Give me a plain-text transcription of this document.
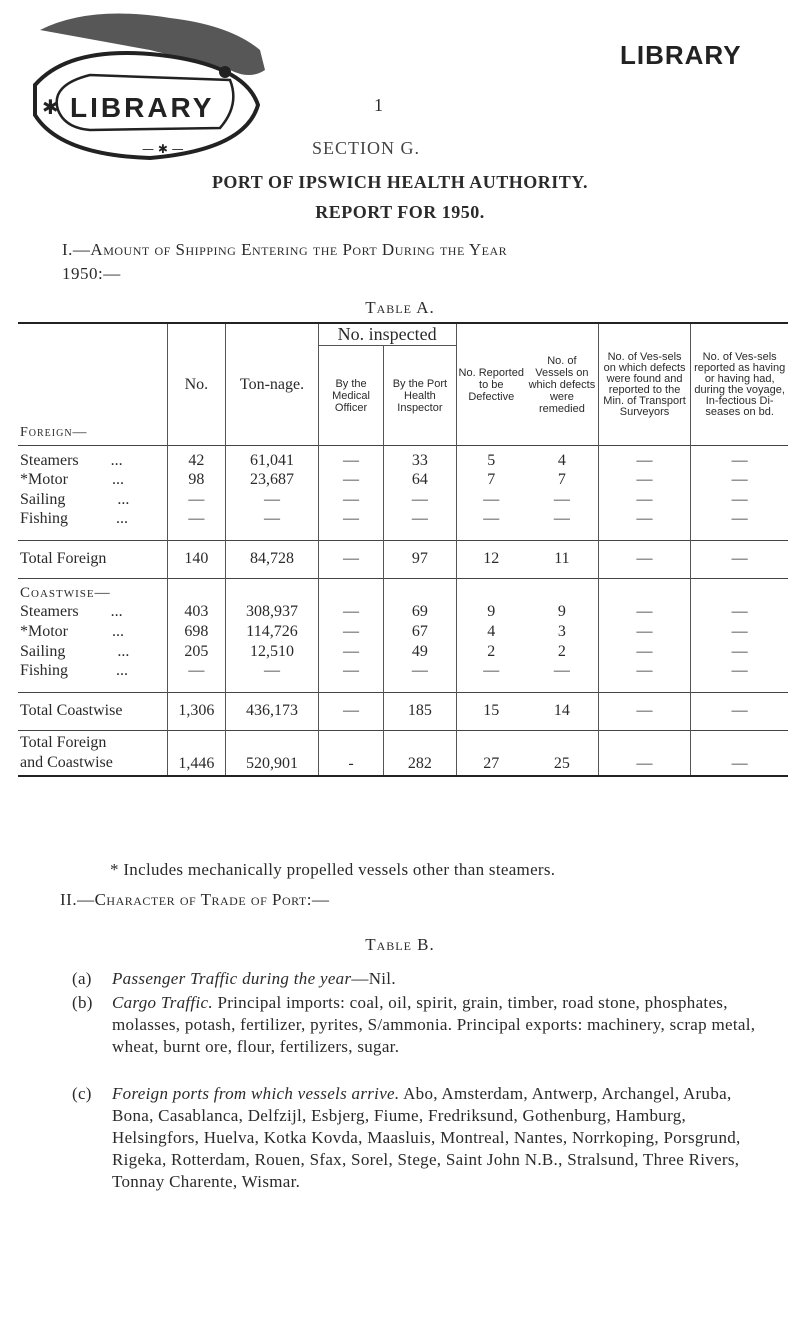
LIBRARY
✱
— ✱ —
LIBRARY
1
SECTION G.
PORT OF IPSWICH HEALTH AUTHORITY.
REPORT FOR 1950.
I.—Amount of Shipping Entering the Port During the Year
1950:—
Table A.
Foreign—	No.	Ton-nage.	No. inspected		No. Reported to be Defective	No. of Vessels on which defects were remedied	No. of Ves-sels on which defects were found and reported to the Min. of Transport Surveyors	No. of Ves-sels reported as having or having had, during the voyage, In-fectious Di-seases on bd.
			By the Medical Officer	By the Port Health Inspector				
Steamers ...	42	61,041	—	33	5	4	—	—
*Motor ...	98	23,687	—	64	7	7	—	—
Sailing ...	—	—	—	—	—	—	—	—
Fishing ...	—	—	—	—	—	—	—	—
Total Foreign	140	84,728	—	97	12	11	—	—
Coastwise—								
Steamers ...	403	308,937	—	69	9	9	—	—
*Motor ...	698	114,726	—	67	4	3	—	—
Sailing ...	205	12,510	—	49	2	2	—	—
Fishing ...	—	—	—	—	—	—	—	—
Total Coastwise	1,306	436,173	—	185	15	14	—	—
Total Foreign
and Coastwise	1,446	520,901	-	282	27	25	—	—
* Includes mechanically propelled vessels other than steamers.
II.—Character of Trade of Port:—
Table B.
(a) Passenger Traffic during the year—Nil.
(b) Cargo Traffic. Principal imports: coal, oil, spirit, grain, timber, road stone, phosphates, molasses, potash, fertilizer, pyrites, S/ammonia. Principal exports: machinery, scrap metal, wheat, burnt ore, flour, fertilizers, sugar.
(c) Foreign ports from which vessels arrive. Abo, Amsterdam, Antwerp, Archangel, Aruba, Bona, Casablanca, Delfzijl, Esbjerg, Fiume, Fredriksund, Gothenburg, Hamburg, Helsingfors, Huelva, Kotka Kovda, Maasluis, Montreal, Nantes, Norrkoping, Porsgrund, Rigeka, Rotterdam, Rouen, Sfax, Sorel, Stege, Saint John N.B., Stralsund, Three Rivers, Tonnay Charente, Wismar.
